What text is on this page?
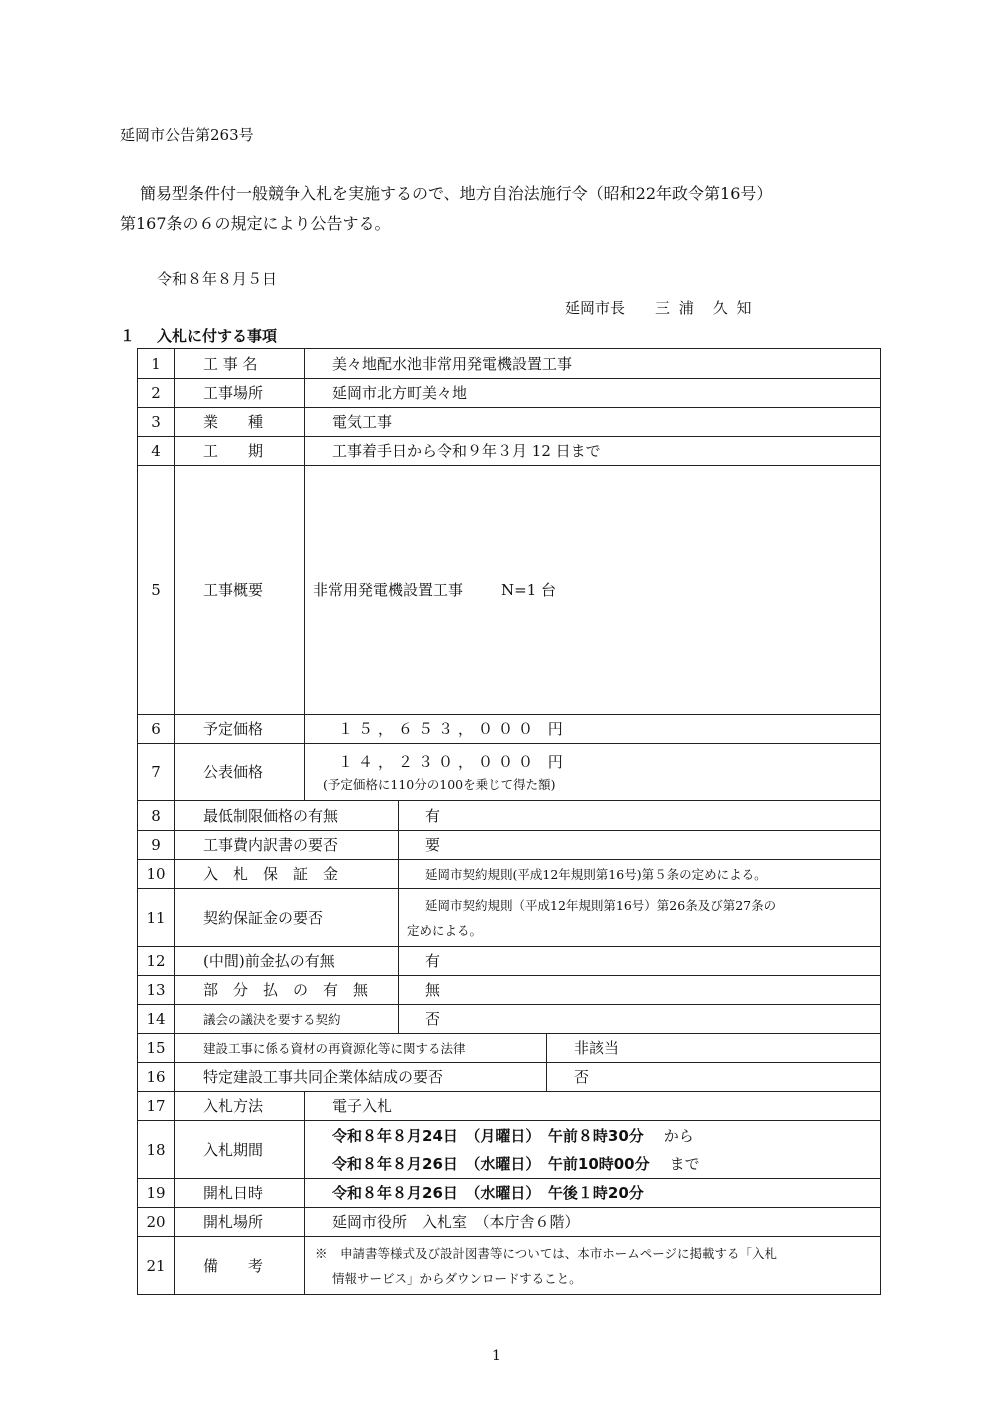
延岡市公告第263号
簡易型条件付一般競争入札を実施するので、地方自治法施行令（昭和22年政令第16号）
第167条の６の規定により公告する。
令和８年８月５日
延岡市長 三 浦　久 知
１ 入札に付する事項
1	工 事 名	美々地配水池非常用発電機設置工事		
2	工事場所	延岡市北方町美々地		
3	業　　種	電気工事		
4	工　　期	工事着手日から令和９年３月 12 日まで		
5	工事概要	非常用発電機設置工事 N=1 台		
6	予定価格	１５，６５３，０００ 円		
7	公表価格	１４，２３０，０００ 円
(予定価格に110分の100を乗じて得た額)		

8	最低制限価格の有無		有	
9	工事費内訳書の要否		要	
10	入　札　保　証　金		延岡市契約規則(平成12年規則第16号)第５条の定めによる。	
11	契約保証金の要否		延岡市契約規則（平成12年規則第16号）第26条及び第27条の
定めによる。	

12	(中間)前金払の有無		有	
13	部　分　払　の　有　無		無	
14	議会の議決を要する契約		否	
15	建設工事に係る資材の再資源化等に関する法律			非該当
16	特定建設工事共同企業体結成の要否			否
17	入札方法	電子入札		
18	入札期間	令和８年８月24日　（月曜日）　午前８時30分 から
令和８年８月26日　（水曜日）　午前10時00分 まで		

19	開札日時	令和８年８月26日　（水曜日）　午後１時20分		
20	開札場所	延岡市役所　入札室　（本庁舎６階）		
21	備　　考	※　申請書等様式及び設計図書等については、本市ホームページに掲載する「入札
情報サービス」からダウンロードすること。		
1
